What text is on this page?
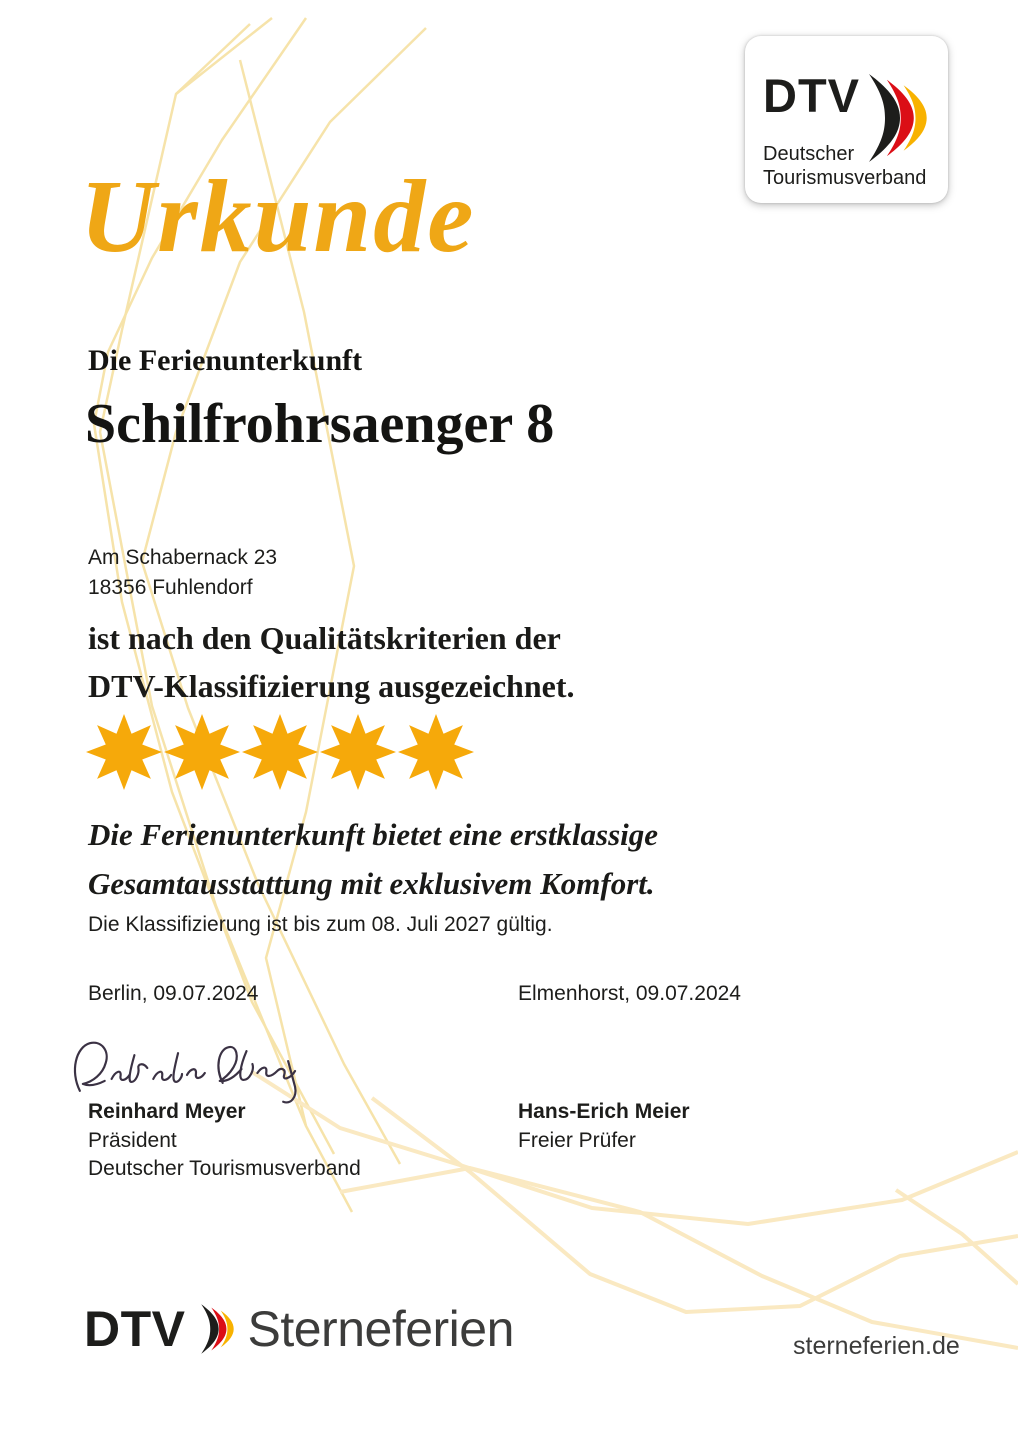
DTV
Deutscher
Tourismusverband
Urkunde
Die Ferienunterkunft
Schilfrohrsaenger 8
Am Schabernack 23
18356 Fuhlendorf
ist nach den Qualitätskriterien der
DTV-Klassifizierung ausgezeichnet.
Die Ferienunterkunft bietet eine erstklassige
Gesamtausstattung mit exklusivem Komfort.
Die Klassifizierung ist bis zum 08. Juli 2027 gültig.
Berlin, 09.07.2024	Elmenhorst, 09.07.2024
Reinhard Meyer
Präsident
Deutscher Tourismusverband
Hans-Erich Meier
Freier Prüfer
DTV Sterneferien	sterneferien.de
